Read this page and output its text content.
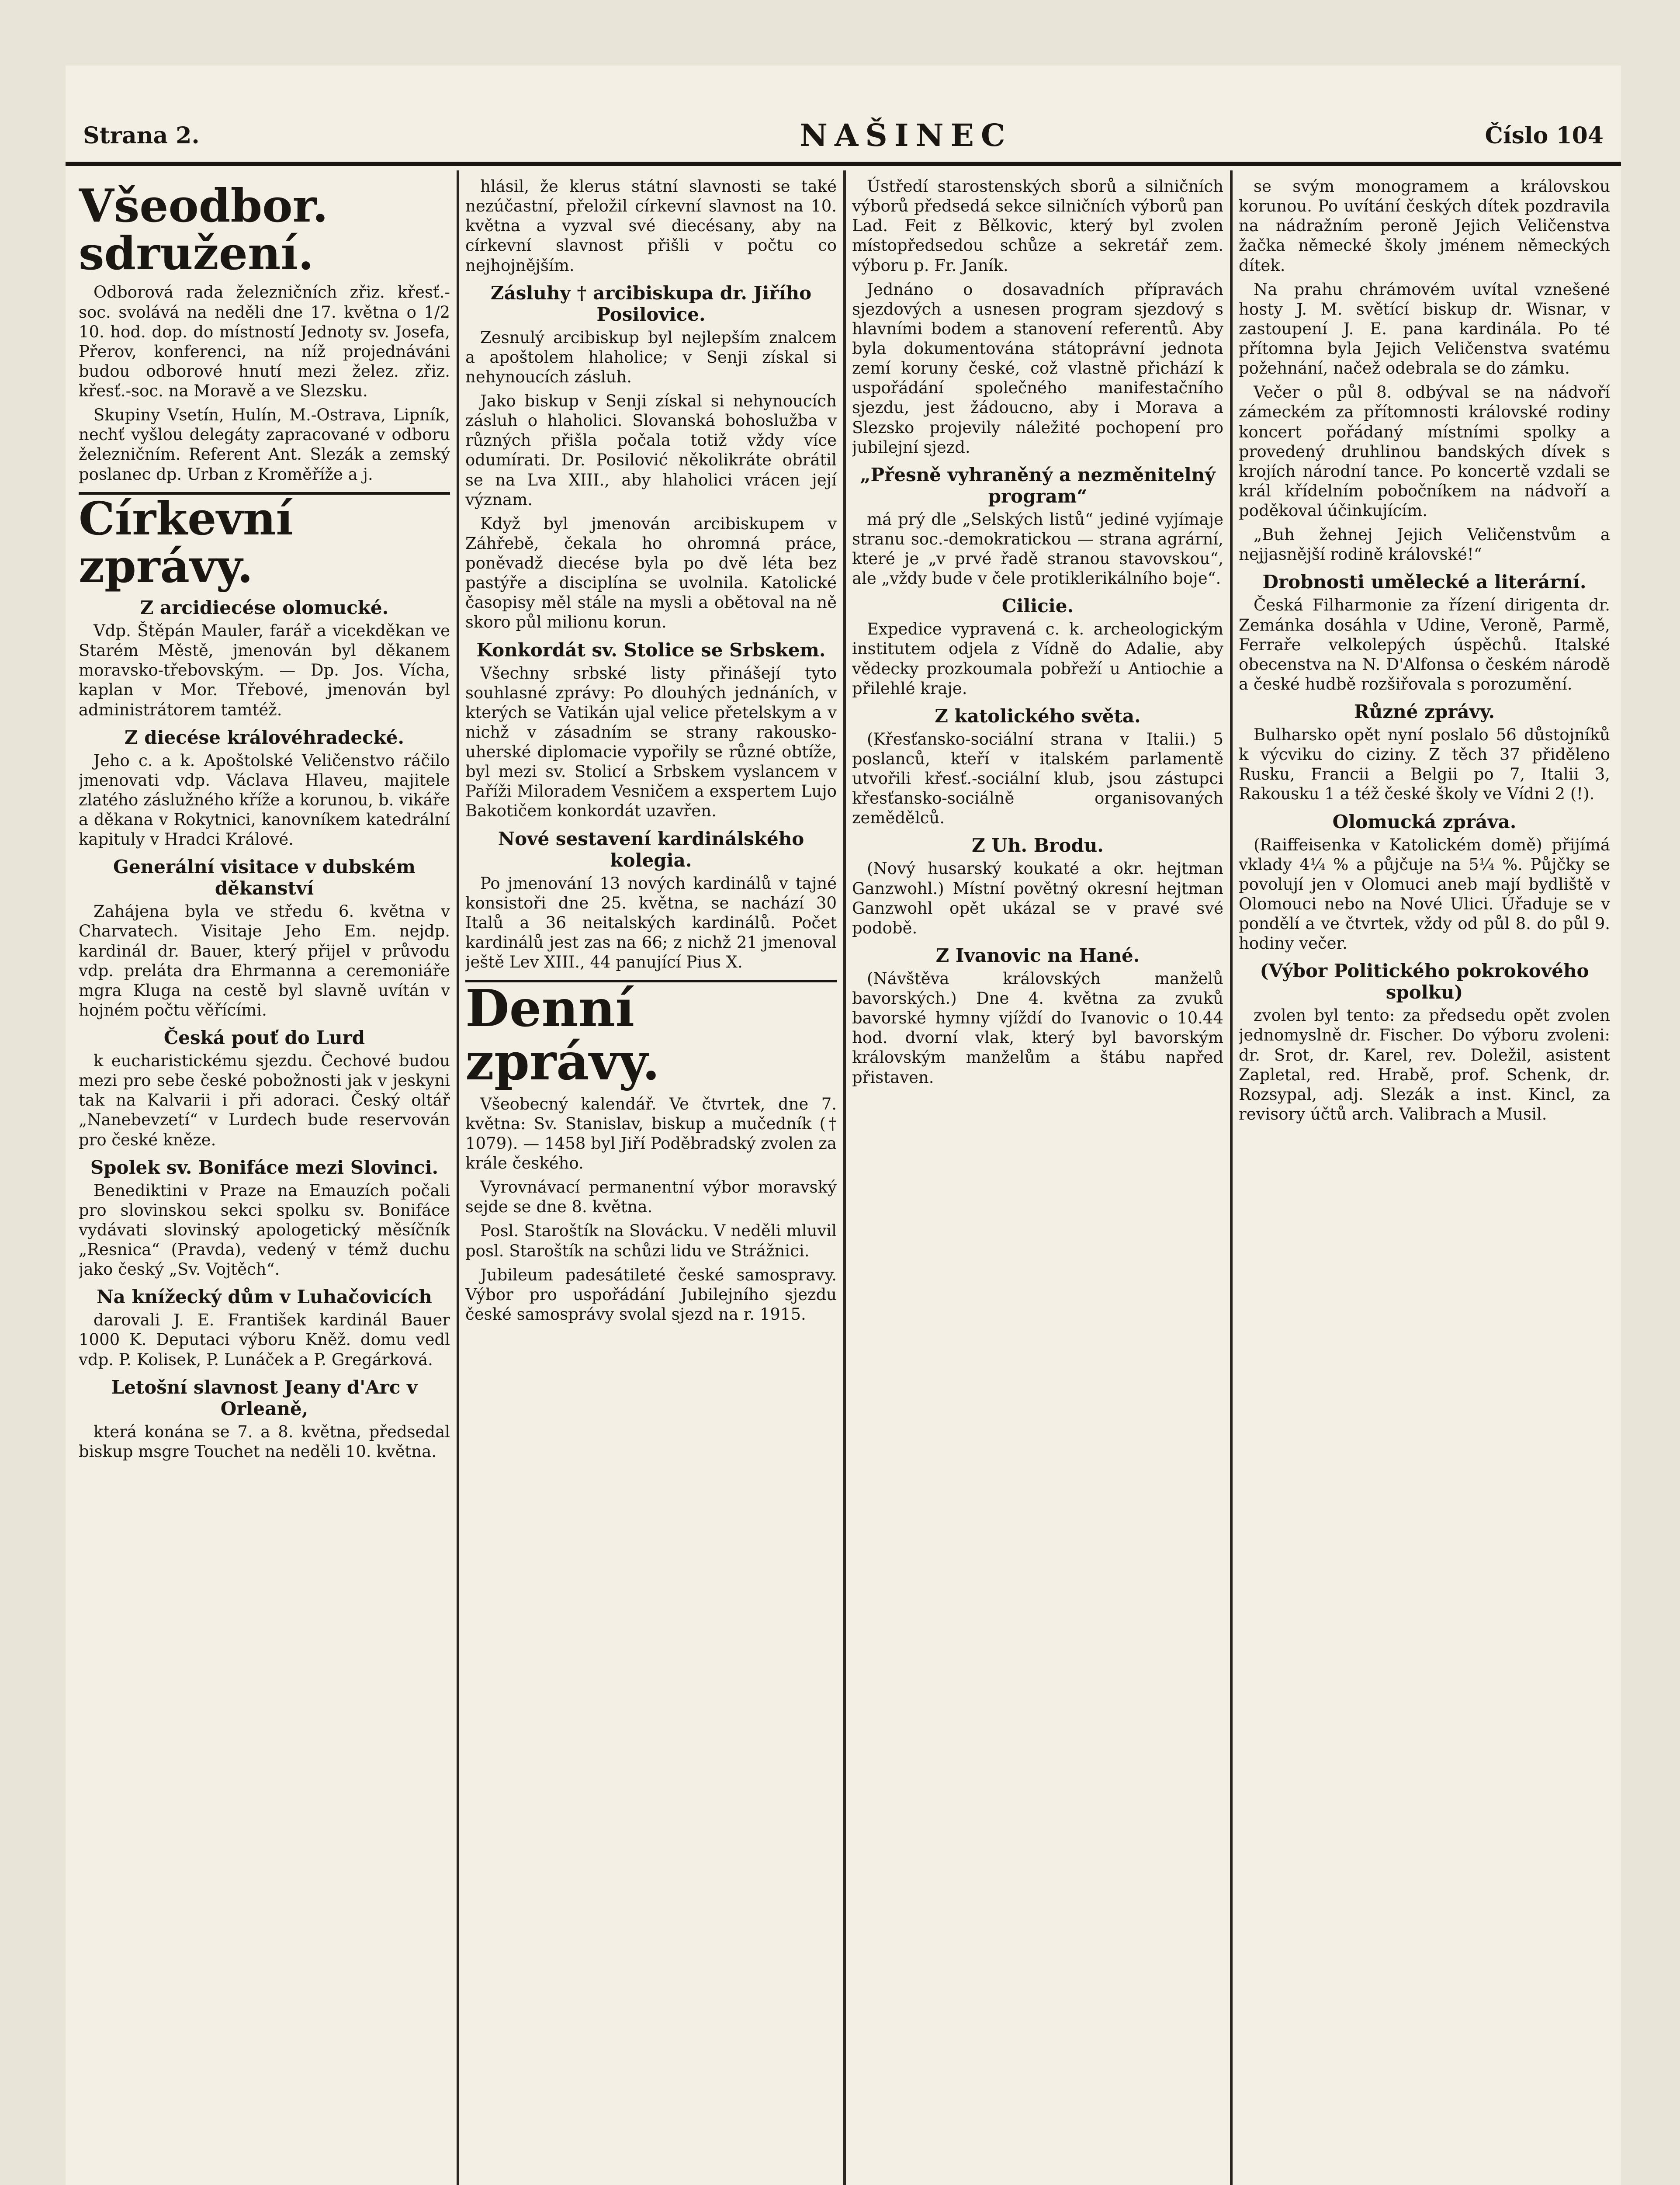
Strana 2.	NAŠINEC	Číslo 104
Všeodbor. sdružení.

Odborová rada železničních zřiz. křesť.-soc. svolává na neděli dne 17. května o 1/2 10. hod. dop. do místností Jednoty sv. Josefa, Přerov, konferenci, na níž projednáváni budou odborové hnutí mezi želez. zřiz. křesť.-soc. na Moravě a ve Slezsku.

Skupiny Vsetín, Hulín, M.-Ostrava, Lipník, nechť vyšlou delegáty zapracované v odboru železničním. Referent Ant. Slezák a zemský poslanec dp. Urban z Kroměříže a j.

Církevní zprávy.
Z arcidiecése olomucké.

Vdp. Štěpán Mauler, farář a vicekděkan ve Starém Městě, jmenován byl děkanem moravsko-třebovským. — Dp. Jos. Vícha, kaplan v Mor. Třebové, jmenován byl administrátorem tamtéž.

Z diecése královéhradecké.

Jeho c. a k. Apoštolské Veličenstvo ráčilo jmenovati vdp. Václava Hlaveu, majitele zlatého záslužného kříže a korunou, b. vikáře a děkana v Rokytnici, kanovníkem katedrální kapituly v Hradci Králové.

Generální visitace v dubském děkanství

Zahájena byla ve středu 6. května v Charvatech. Visitaje Jeho Em. nejdp. kardinál dr. Bauer, který přijel v průvodu vdp. preláta dra Ehrmanna a ceremoniáře mgra Kluga na cestě byl slavně uvítán v hojném počtu věřícími.

Česká pouť do Lurd

k eucharistickému sjezdu. Čechové budou mezi pro sebe české pobožnosti jak v jeskyni tak na Kalvarii i při adoraci. Český oltář „Nanebevzetí“ v Lurdech bude reservován pro české kněze.

Spolek sv. Bonifáce mezi Slovinci.

Benediktini v Praze na Emauzích počali pro slovinskou sekci spolku sv. Bonifáce vydávati slovinský apologetický měsíčník „Resnica“ (Pravda), vedený v témž duchu jako český „Sv. Vojtěch“.

Na knížecký dům v Luhačovicích

darovali J. E. František kardinál Bauer 1000 K. Deputaci výboru Kněž. domu vedl vdp. P. Kolisek, P. Lunáček a P. Gregárková.

Letošní slavnost Jeany d'Arc v Orleaně,

která konána se 7. a 8. května, předsedal biskup msgre Touchet na neděli 10. května.

hlásil, že klerus státní slavnosti se také nezúčastní, přeložil církevní slavnost na 10. května a vyzval své diecésany, aby na církevní slavnost přišli v počtu co nejhojnějším.

Zásluhy † arcibiskupa dr. Jiřího Posilovice.

Zesnulý arcibiskup byl nejlepším znalcem a apoštolem hlaholice; v Senji získal si nehynoucích zásluh.

Jako biskup v Senji získal si nehynoucích zásluh o hlaholici. Slovanská bohoslužba v různých přišla počala totiž vždy více odumírati. Dr. Posilović několikráte obrátil se na Lva XIII., aby hlaholici vrácen její význam.

Když byl jmenován arcibiskupem v Záhřebě, čekala ho ohromná práce, poněvadž diecése byla po dvě léta bez pastýře a disciplína se uvolnila. Katolické časopisy měl stále na mysli a obětoval na ně skoro půl milionu korun.

Konkordát sv. Stolice se Srbskem.

Všechny srbské listy přinášejí tyto souhlasné zprávy: Po dlouhých jednáních, v kterých se Vatikán ujal velice přetelskym a v nichž v zásadním se strany rakousko-uherské diplomacie vypořily se různé obtíže, byl mezi sv. Stolicí a Srbskem vyslancem v Paříži Miloradem Vesničem a exspertem Lujo Bakotičem konkordát uzavřen.

Nové sestavení kardinálského kolegia.

Po jmenování 13 nových kardinálů v tajné konsistoři dne 25. května, se nachází 30 Italů a 36 neitalských kardinálů. Počet kardinálů jest zas na 66; z nichž 21 jmenoval ještě Lev XIII., 44 panující Pius X.

Denní zprávy.

Všeobecný kalendář. Ve čtvrtek, dne 7. května: Sv. Stanislav, biskup a mučedník († 1079). — 1458 byl Jiří Poděbradský zvolen za krále českého.

Vyrovnávací permanentní výbor moravský sejde se dne 8. května.

Posl. Staroštík na Slovácku. V neděli mluvil posl. Staroštík na schůzi lidu ve Strážnici.

Jubileum padesátileté české samospravy. Výbor pro uspořádání Jubilejního sjezdu české samosprávy svolal sjezd na r. 1915.

Ústředí starostenských sborů a silničních výborů předsedá sekce silničních výborů pan Lad. Feit z Bělkovic, který byl zvolen místopředsedou schůze a sekretář zem. výboru p. Fr. Janík.

Jednáno o dosavadních přípravách sjezdových a usnesen program sjezdový s hlavními bodem a stanovení referentů. Aby byla dokumentována státoprávní jednota zemí koruny české, což vlastně přichází k uspořádání společného manifestačního sjezdu, jest žádoucno, aby i Morava a Slezsko projevily náležité pochopení pro jubilejní sjezd.

„Přesně vyhraněný a nezměnitelný program“

má prý dle „Selských listů“ jediné vyjímaje stranu soc.-demokratickou — strana agrární, které je „v prvé řadě stranou stavovskou“, ale „vždy bude v čele protiklerikálního boje“.

Cilicie.

Expedice vypravená c. k. archeologickým institutem odjela z Vídně do Adalie, aby vědecky prozkoumala pobřeží u Antiochie a přilehlé kraje.

Z katolického světa.

(Křesťansko-sociální strana v Italii.) 5 poslanců, kteří v italském parlamentě utvořili křesť.-sociální klub, jsou zástupci křesťansko-sociálně organisovaných zemědělců.

Z Uh. Brodu.

(Nový husarský koukaté a okr. hejtman Ganzwohl.) Místní povětný okresní hejtman Ganzwohl opět ukázal se v pravé své podobě.

Z Ivanovic na Hané.

(Návštěva královských manželů bavorských.) Dne 4. května za zvuků bavorské hymny vjíždí do Ivanovic o 10.44 hod. dvorní vlak, který byl bavorským královským manželům a štábu napřed přistaven.

se svým monogramem a královskou korunou. Po uvítání českých dítek pozdravila na nádražním peroně Jejich Veličenstva žačka německé školy jménem německých dítek.

Na prahu chrámovém uvítal vznešené hosty J. M. světící biskup dr. Wisnar, v zastoupení J. E. pana kardinála. Po té přítomna byla Jejich Veličenstva svatému požehnání, načež odebrala se do zámku.

Večer o půl 8. odbýval se na nádvoří zámeckém za přítomnosti královské rodiny koncert pořádaný místními spolky a provedený druhlinou bandských dívek s krojích národní tance. Po koncertě vzdali se král křídelním pobočníkem na nádvoří a poděkoval účinkujícím.

„Buh žehnej Jejich Veličenstvům a nejjasnější rodině královské!“

Drobnosti umělecké a literární.

Česká Filharmonie za řízení dirigenta dr. Zemánka dosáhla v Udine, Veroně, Parmě, Ferraře velkolepých úspěchů. Italské obecenstva na N. D'Alfonsa o českém národě a české hudbě rozšiřovala s porozumění.

Různé zprávy.

Bulharsko opět nyní poslalo 56 důstojníků k výcviku do ciziny. Z těch 37 přiděleno Rusku, Francii a Belgii po 7, Italii 3, Rakousku 1 a též české školy ve Vídni 2 (!).

Olomucká zpráva.

(Raiffeisenka v Katolickém domě) přijímá vklady 4¼ % a půjčuje na 5¼ %. Půjčky se povolují jen v Olomuci aneb mají bydliště v Olomouci nebo na Nové Ulici. Úřaduje se v pondělí a ve čtvrtek, vždy od půl 8. do půl 9. hodiny večer.

(Výbor Politického pokrokového spolku)

zvolen byl tento: za předsedu opět zvolen jednomyslně dr. Fischer. Do výboru zvoleni: dr. Srot, dr. Karel, rev. Doležil, asistent Zapletal, red. Hrabě, prof. Schenk, dr. Rozsypal, adj. Slezák a inst. Kincl, za revisory účtů arch. Valibrach a Musil.
